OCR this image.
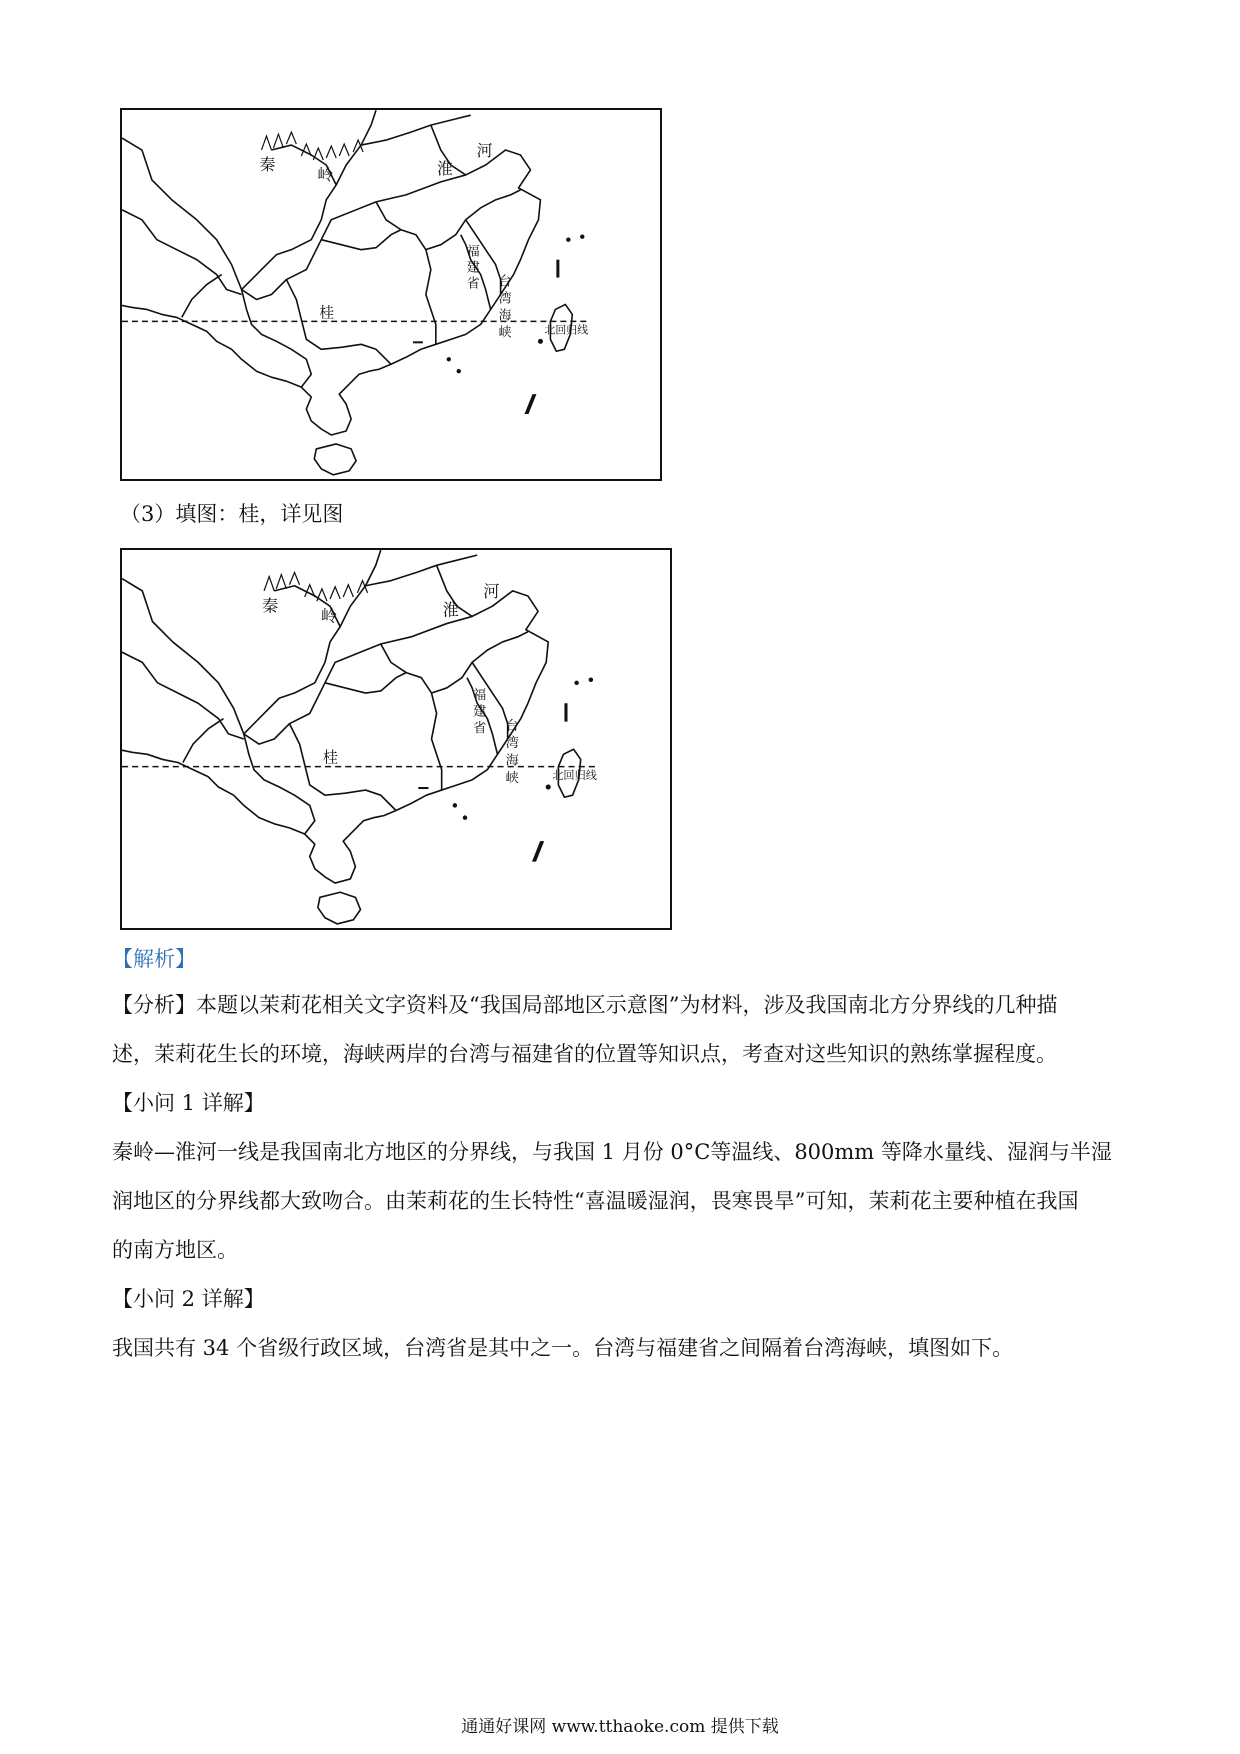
秦
岭	淮
河
桂
福
建
省 台
湾
海
峡	北回归线
（3）填图：桂，详见图
秦
岭	淮
河
桂
福
建
省 台
湾
海
峡	北回归线
【解析】
【分析】本题以茉莉花相关文字资料及“我国局部地区示意图”为材料，涉及我国南北方分界线的几种描
述，茉莉花生长的环境，海峡两岸的台湾与福建省的位置等知识点，考查对这些知识的熟练掌握程度。
【小问 1 详解】
秦岭—淮河一线是我国南北方地区的分界线，与我国 1 月份 0°C等温线、800mm 等降水量线、湿润与半湿
润地区的分界线都大致吻合。由茉莉花的生长特性“喜温暖湿润，畏寒畏旱”可知，茉莉花主要种植在我国
的南方地区。
【小问 2 详解】
我国共有 34 个省级行政区域，台湾省是其中之一。台湾与福建省之间隔着台湾海峡，填图如下。
通通好课网 www.tthaoke.com 提供下载
